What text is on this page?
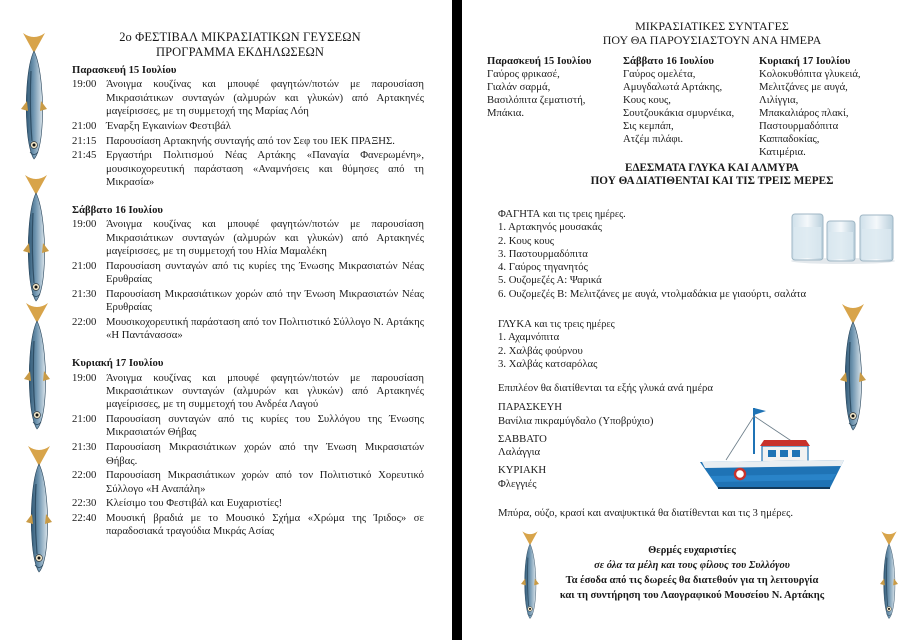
2ο ΦΕΣΤΙΒΑΛ ΜΙΚΡΑΣΙΑΤΙΚΩΝ ΓΕΥΣΕΩΝ
ΠΡΟΓΡΑΜΜΑ ΕΚΔΗΛΩΣΕΩΝ
Παρασκευή 15 Ιουλίου
19:00 Άνοιγμα κουζίνας και μπουφέ φαγητών/ποτών με παρουσίαση Μικρασιάτικων συνταγών (αλμυρών και γλυκών) από Αρτακηνές μαγείρισσες, με τη συμμετοχή της Μαρίας Λόη
21:00 Έναρξη Εγκαινίων Φεστιβάλ
21:15 Παρουσίαση Αρτακηνής συνταγής από τον Σεφ του ΙΕΚ ΠΡΑΞΗΣ.
21:45 Εργαστήρι Πολιτισμού Νέας Αρτάκης «Παναγία Φανερωμένη», μουσικοχορευτική παράσταση «Αναμνήσεις και θύμησες από τη Μικρασία»
Σάββατο 16 Ιουλίου
19:00 Άνοιγμα κουζίνας και μπουφέ φαγητών/ποτών με παρουσίαση Μικρασιάτικων συνταγών (αλμυρών και γλυκών) από Αρτακηνές μαγείρισσες, με τη συμμετοχή του Ηλία Μαμαλέκη
21:00 Παρουσίαση συνταγών από τις κυρίες της Ένωσης Μικρασιατών Νέας Ερυθραίας
21:30 Παρουσίαση Μικρασιάτικων χορών από την Ένωση Μικρασιατών Νέας Ερυθραίας
22:00 Μουσικοχορευτική παράσταση από τον Πολιτιστικό Σύλλογο Ν. Αρτάκης «Η Παντάνασσα»
Κυριακή 17 Ιουλίου
19:00 Άνοιγμα κουζίνας και μπουφέ φαγητών/ποτών με παρουσίαση Μικρασιάτικων συνταγών (αλμυρών και γλυκών) από Αρτακηνές μαγείρισσες, με τη συμμετοχή του Ανδρέα Λαγού
21:00 Παρουσίαση συνταγών από τις κυρίες του Συλλόγου της Ένωσης Μικρασιατών Θήβας
21:30 Παρουσίαση Μικρασιάτικων χορών από την Ένωση Μικρασιατών Θήβας.
22:00 Παρουσίαση Μικρασιάτικων χορών από τον Πολιτιστικό Χορευτικό Σύλλογο «Η Αναπάλη»
22:30 Κλείσιμο του Φεστιβάλ και Ευχαριστίες!
22:40 Μουσική βραδιά με το Μουσικό Σχήμα «Χρώμα της Ίριδος» σε παραδοσιακά τραγούδια Μικράς Ασίας
ΜΙΚΡΑΣΙΑΤΙΚΕΣ ΣΥΝΤΑΓΕΣ
ΠΟΥ ΘΑ ΠΑΡΟΥΣΙΑΣΤΟΥΝ ΑΝΑ ΗΜΕΡΑ
Παρασκευή 15 Ιουλίου
Γαύρος φρικασέ,
Γιαλάν σαρμά,
Βασιλόπιτα ζεματιστή,
Μπάκια.
Σάββατο 16 Ιουλίου
Γαύρος ομελέτα,
Αμυγδαλωτά Αρτάκης,
Κους κους,
Σουτζουκάκια σμυρνέικα,
Σις κεμπάπ,
Ατζέμ πιλάφι.
Κυριακή 17 Ιουλίου
Κολοκυθόπιτα γλυκειά,
Μελιτζάνες με αυγά,
Λιλίγγια,
Μπακαλιάρος πλακί,
Παστουρμαδόπιτα
Καππαδοκίας,
Κατιμέρια.
ΕΔΕΣΜΑΤΑ ΓΛΥΚΑ ΚΑΙ ΑΛΜΥΡΑ
ΠΟΥ ΘΑ ΔΙΑΤΙΘΕΝΤΑΙ ΚΑΙ ΤΙΣ ΤΡΕΙΣ ΜΕΡΕΣ
ΦΑΓΗΤΑ και τις τρεις ημέρες.
1. Αρτακηνός μουσακάς
2. Κους κους
3. Παστουρμαδόπιτα
4. Γαύρος τηγανητός
5. Ουζομεζές Α: Ψαρικά
6. Ουζομεζές Β: Μελιτζάνες με αυγά, ντολμαδάκια με γιαούρτι, σαλάτα
ΓΛΥΚΑ και τις τρεις ημέρες
1. Αχαμνόπιτα
2. Χαλβάς φούρνου
3. Χαλβάς κατσαρόλας
Επιπλέον θα διατίθενται τα εξής γλυκά ανά ημέρα
ΠΑΡΑΣΚΕΥΗ
Βανίλια πικραμύγδαλο (Υποβρύχιο)
ΣΑΒΒΑΤΟ
Λαλάγγια
ΚΥΡΙΑΚΗ
Φλεγγιές
Μπύρα, ούζο, κρασί και αναψυκτικά θα διατίθενται και τις 3 ημέρες.
Θερμές ευχαριστίες
σε όλα τα μέλη και τους φίλους του Συλλόγου
Τα έσοδα από τις δωρεές θα διατεθούν για τη λειτουργία
και τη συντήρηση του Λαογραφικού Μουσείου Ν. Αρτάκης
